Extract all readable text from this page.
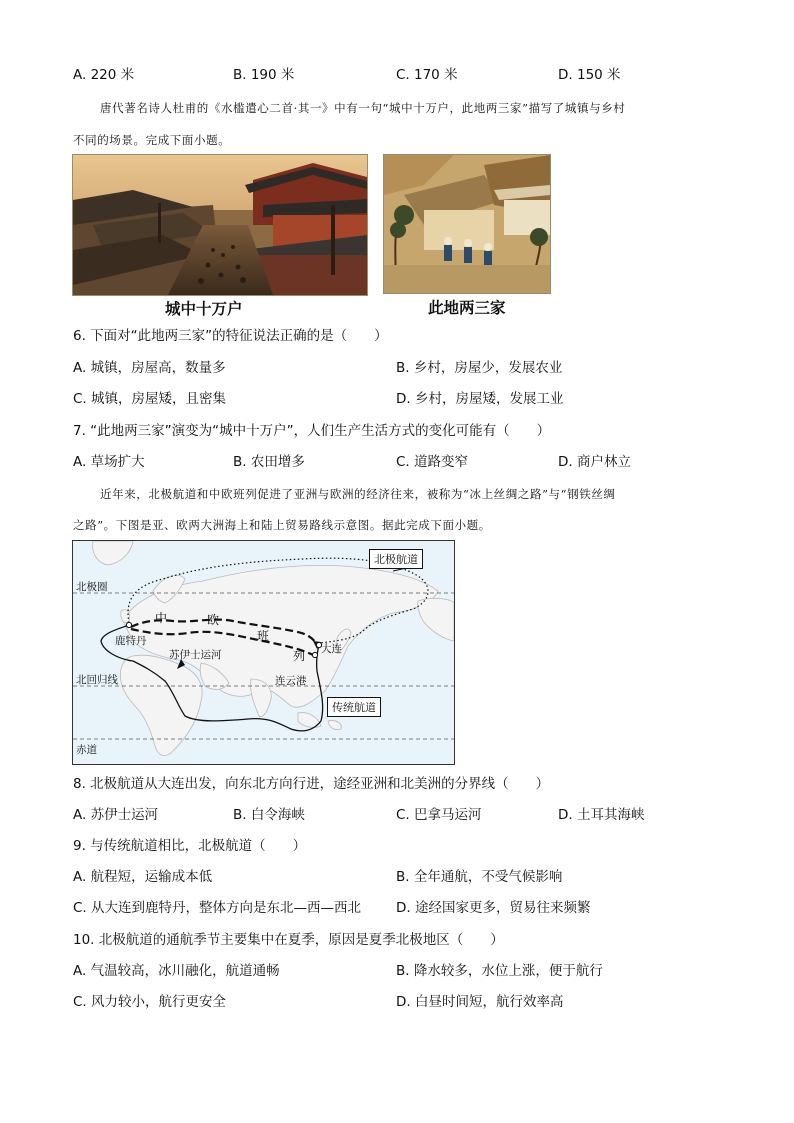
A. 220 米	B. 190 米	C. 170 米	D. 150 米
唐代著名诗人杜甫的《水槛遣心二首·其一》中有一句“城中十万户，此地两三家”描写了城镇与乡村
不同的场景。完成下面小题。
城中十万户	此地两三家
6. 下面对“此地两三家”的特征说法正确的是（　　）
A. 城镇，房屋高，数量多	B. 乡村，房屋少，发展农业
C. 城镇，房屋矮，且密集	D. 乡村，房屋矮，发展工业
7. “此地两三家”演变为“城中十万户”，人们生产生活方式的变化可能有（　　）
A. 草场扩大	B. 农田增多	C. 道路变窄	D. 商户林立
近年来，北极航道和中欧班列促进了亚洲与欧洲的经济往来，被称为“冰上丝绸之路”与“钢铁丝绸
之路”。下图是亚、欧两大洲海上和陆上贸易路线示意图。据此完成下面小题。
北极航道
北极圈
北回归线
赤道
鹿特丹
苏伊士运河	大连
连云港
传统航道
中	欧
班
列
8. 北极航道从大连出发，向东北方向行进，途经亚洲和北美洲的分界线（　　）
A. 苏伊士运河	B. 白令海峡	C. 巴拿马运河	D. 土耳其海峡
9. 与传统航道相比，北极航道（　　）
A. 航程短，运输成本低	B. 全年通航，不受气候影响
C. 从大连到鹿特丹，整体方向是东北—西—西北	D. 途经国家更多，贸易往来频繁
10. 北极航道的通航季节主要集中在夏季，原因是夏季北极地区（　　）
A. 气温较高，冰川融化，航道通畅	B. 降水较多，水位上涨，便于航行
C. 风力较小，航行更安全	D. 白昼时间短，航行效率高
